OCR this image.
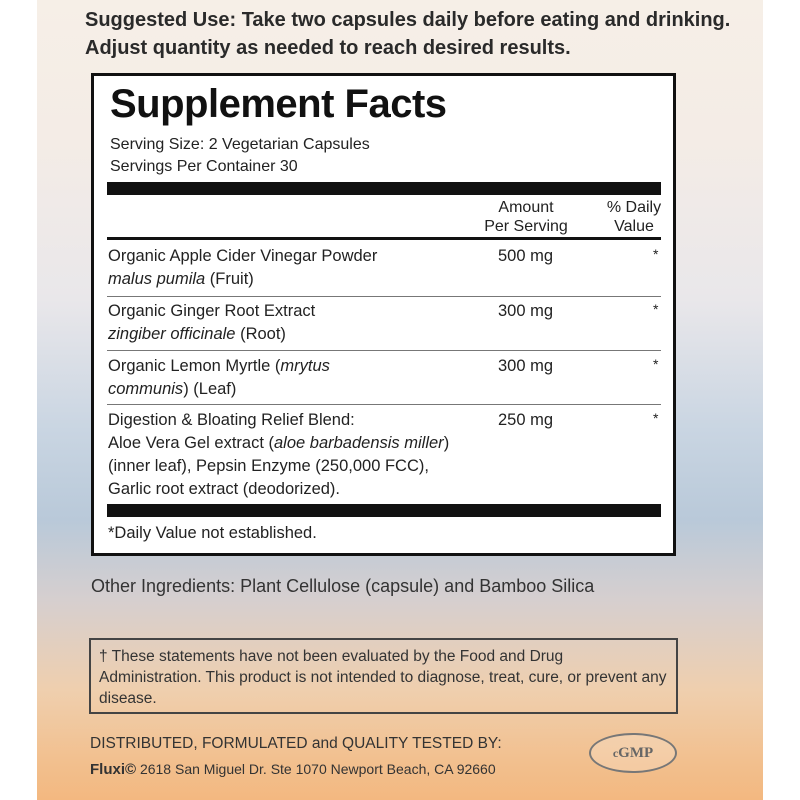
Suggested Use: Take two capsules daily before eating and drinking. Adjust quantity as needed to reach desired results.
Supplement Facts
Serving Size: 2 Vegetarian Capsules
Servings Per Container 30
Amount
Per Serving
% Daily
Value
Organic Apple Cider Vinegar Powder
malus pumila (Fruit)
500 mg	*
Organic Ginger Root Extract
zingiber officinale (Root)
300 mg	*
Organic Lemon Myrtle (mrytus
communis) (Leaf)
300 mg	*
Digestion & Bloating Relief Blend:
Aloe Vera Gel extract (aloe barbadensis miller)
(inner leaf), Pepsin Enzyme (250,000 FCC),
Garlic root extract (deodorized).
250 mg	*
*Daily Value not established.
Other Ingredients: Plant Cellulose (capsule) and Bamboo Silica
† These statements have not been evaluated by the Food and Drug Administration. This product is not intended to diagnose, treat, cure, or prevent any disease.
DISTRIBUTED, FORMULATED and QUALITY TESTED BY:
Fluxi© 2618 San Miguel Dr. Ste 1070 Newport Beach, CA 92660
c GMP
